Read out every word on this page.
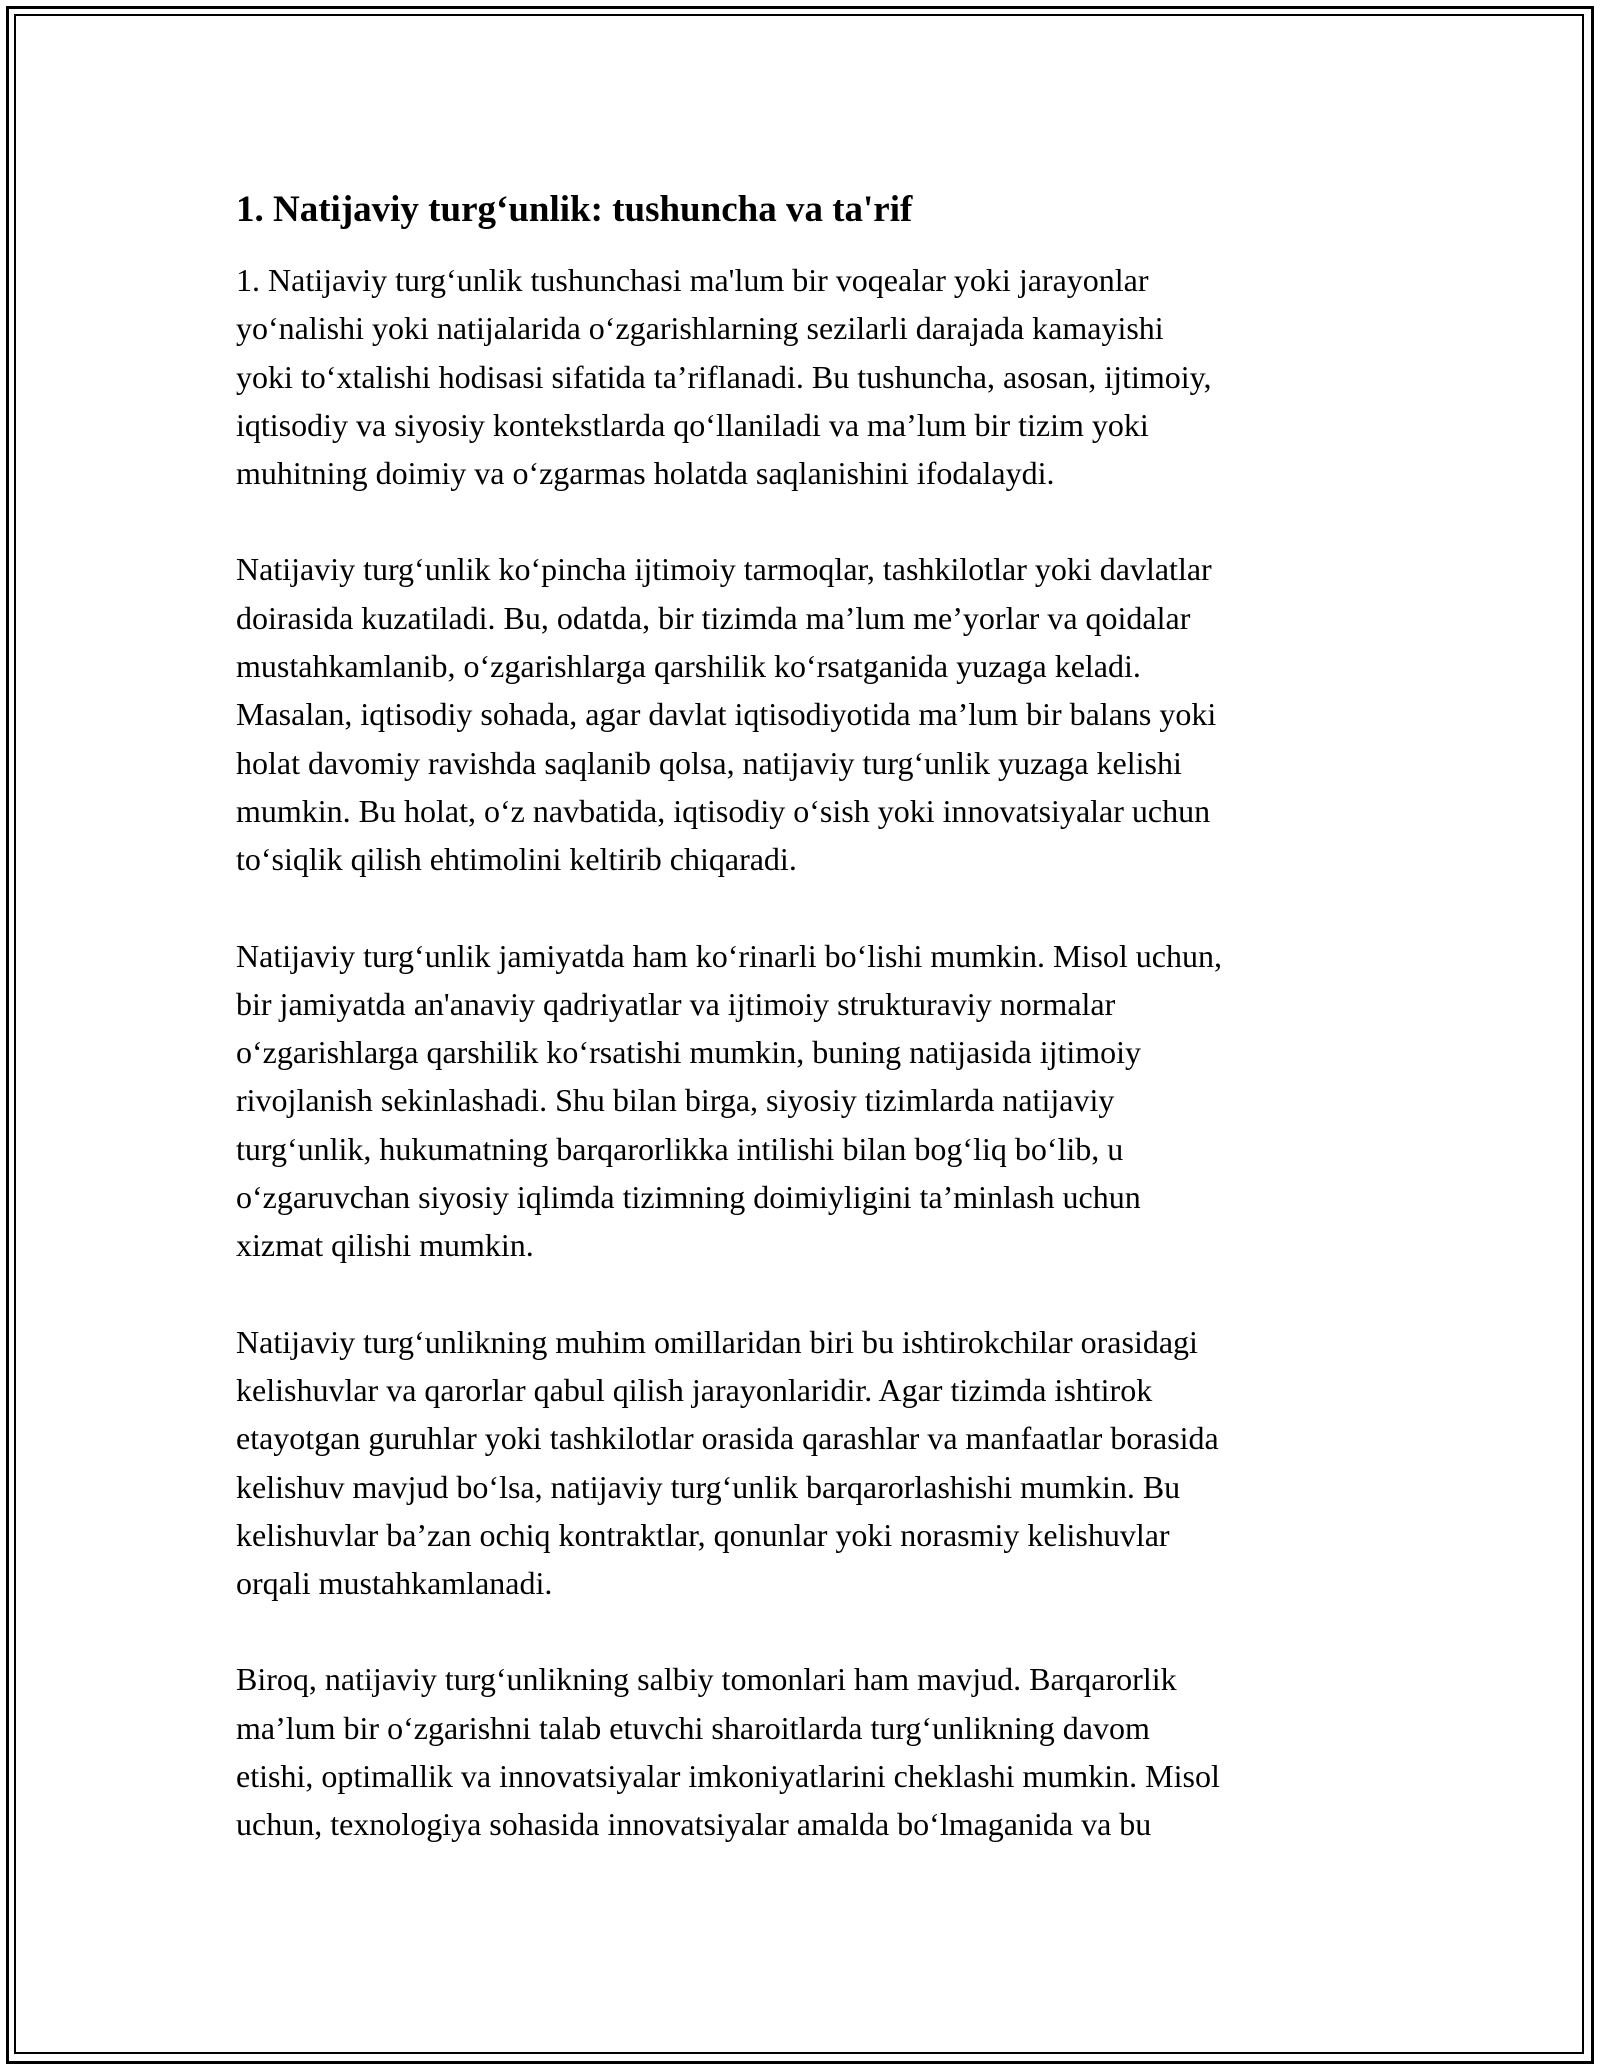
1. Natijaviy turg‘unlik: tushuncha va ta'rif

1. Natijaviy turg‘unlik tushunchasi ma'lum bir voqealar yoki jarayonlar
yo‘nalishi yoki natijalarida o‘zgarishlarning sezilarli darajada kamayishi
yoki to‘xtalishi hodisasi sifatida ta’riflanadi. Bu tushuncha, asosan, ijtimoiy,
iqtisodiy va siyosiy kontekstlarda qo‘llaniladi va ma’lum bir tizim yoki
muhitning doimiy va o‘zgarmas holatda saqlanishini ifodalaydi.

Natijaviy turg‘unlik ko‘pincha ijtimoiy tarmoqlar, tashkilotlar yoki davlatlar
doirasida kuzatiladi. Bu, odatda, bir tizimda ma’lum me’yorlar va qoidalar
mustahkamlanib, o‘zgarishlarga qarshilik ko‘rsatganida yuzaga keladi.
Masalan, iqtisodiy sohada, agar davlat iqtisodiyotida ma’lum bir balans yoki
holat davomiy ravishda saqlanib qolsa, natijaviy turg‘unlik yuzaga kelishi
mumkin. Bu holat, o‘z navbatida, iqtisodiy o‘sish yoki innovatsiyalar uchun
to‘siqlik qilish ehtimolini keltirib chiqaradi.

Natijaviy turg‘unlik jamiyatda ham ko‘rinarli bo‘lishi mumkin. Misol uchun,
bir jamiyatda an'anaviy qadriyatlar va ijtimoiy strukturaviy normalar
o‘zgarishlarga qarshilik ko‘rsatishi mumkin, buning natijasida ijtimoiy
rivojlanish sekinlashadi. Shu bilan birga, siyosiy tizimlarda natijaviy
turg‘unlik, hukumatning barqarorlikka intilishi bilan bog‘liq bo‘lib, u
o‘zgaruvchan siyosiy iqlimda tizimning doimiyligini ta’minlash uchun
xizmat qilishi mumkin.

Natijaviy turg‘unlikning muhim omillaridan biri bu ishtirokchilar orasidagi
kelishuvlar va qarorlar qabul qilish jarayonlaridir. Agar tizimda ishtirok
etayotgan guruhlar yoki tashkilotlar orasida qarashlar va manfaatlar borasida
kelishuv mavjud bo‘lsa, natijaviy turg‘unlik barqarorlashishi mumkin. Bu
kelishuvlar ba’zan ochiq kontraktlar, qonunlar yoki norasmiy kelishuvlar
orqali mustahkamlanadi.

Biroq, natijaviy turg‘unlikning salbiy tomonlari ham mavjud. Barqarorlik
ma’lum bir o‘zgarishni talab etuvchi sharoitlarda turg‘unlikning davom
etishi, optimallik va innovatsiyalar imkoniyatlarini cheklashi mumkin. Misol
uchun, texnologiya sohasida innovatsiyalar amalda bo‘lmaganida va bu
